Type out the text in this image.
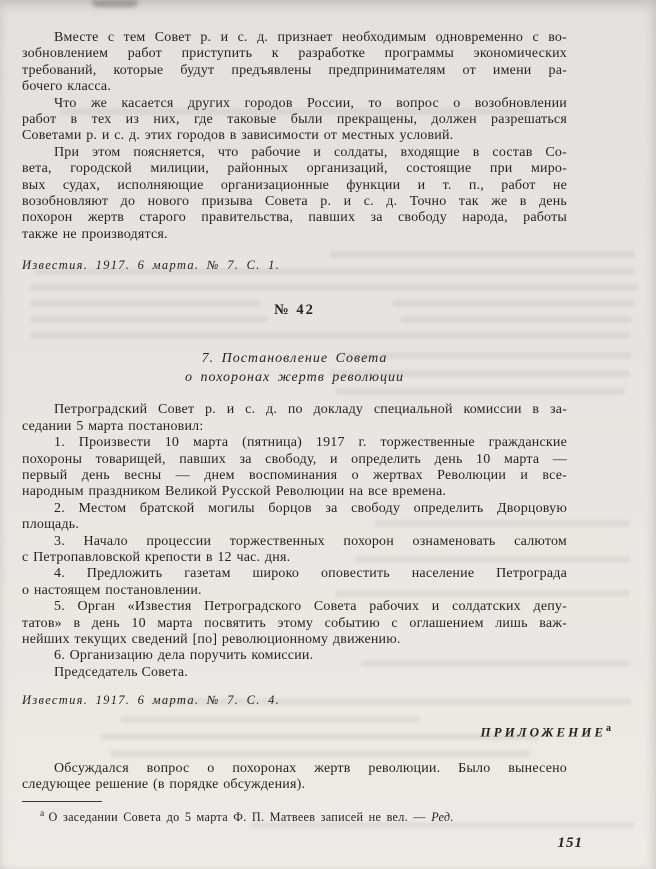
Вместе с тем Совет р. и с. д. признает необходимым одновременно с во-
зобновлением работ приступить к разработке программы экономических
требований, которые будут предъявлены предпринимателям от имени ра-
бочего класса.
Что же касается других городов России, то вопрос о возобновлении
работ в тех из них, где таковые были прекращены, должен разрешаться
Советами р. и с. д. этих городов в зависимости от местных условий.
При этом поясняется, что рабочие и солдаты, входящие в состав Со-
вета, городской милиции, районных организаций, состоящие при миро-
вых судах, исполняющие организационные функции и т. п., работ не
возобновляют до нового призыва Совета р. и с. д. Точно так же в день
похорон жертв старого правительства, павших за свободу народа, работы
также не производятся.
Известия. 1917. 6 марта. № 7. С. 1.
№ 42
7. Постановление Совета
о похоронах жертв революции
Петроградский Совет р. и с. д. по докладу специальной комиссии в за-
седании 5 марта постановил:
1. Произвести 10 марта (пятница) 1917 г. торжественные гражданские
похороны товарищей, павших за свободу, и определить день 10 марта —
первый день весны — днем воспоминания о жертвах Революции и все-
народным праздником Великой Русской Революции на все времена.
2. Местом братской могилы борцов за свободу определить Дворцовую
площадь.
3. Начало процессии торжественных похорон ознаменовать салютом
с Петропавловской крепости в 12 час. дня.
4. Предложить газетам широко оповестить население Петрограда
о настоящем постановлении.
5. Орган «Известия Петроградского Совета рабочих и солдатских депу-
татов» в день 10 марта посвятить этому событию с оглашением лишь важ-
нейших текущих сведений [по] революционному движению.
6. Организацию дела поручить комиссии.
Председатель Совета.
Известия. 1917. 6 марта. № 7. С. 4.
$ПРИЛОЖЕНИЕ^а$
Обсуждался вопрос о похоронах жертв революции. Было вынесено
следующее решение (в порядке обсуждения).
$^а$ О заседании Совета до 5 марта Ф. П. Матвеев записей не вел. — Ред.
151
